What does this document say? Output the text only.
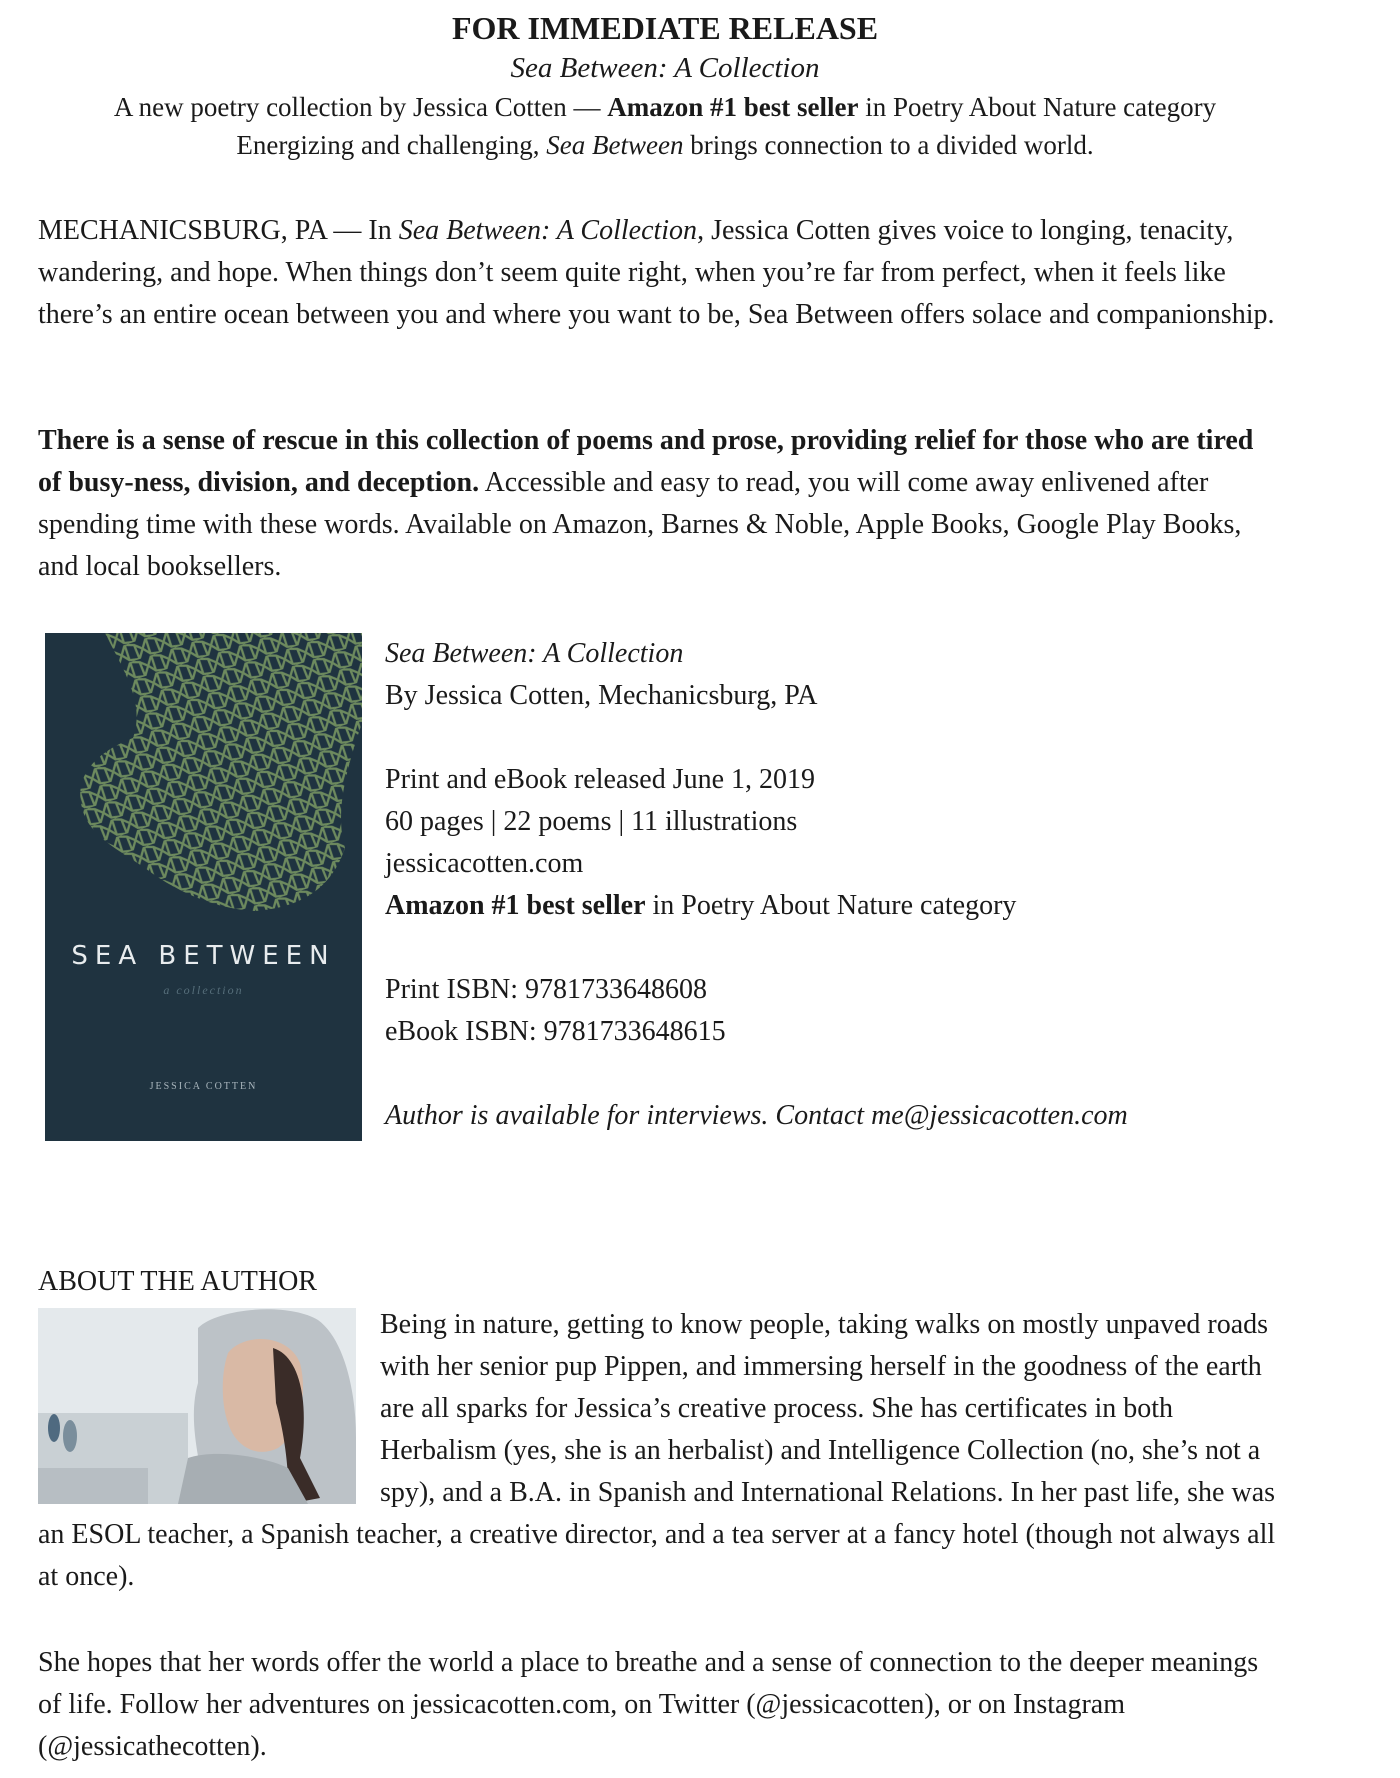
FOR IMMEDIATE RELEASE
Sea Between: A Collection
A new poetry collection by Jessica Cotten — Amazon #1 best seller in Poetry About Nature category
Energizing and challenging, Sea Between brings connection to a divided world.

MECHANICSBURG, PA — In Sea Between: A Collection, Jessica Cotten gives voice to longing, tenacity, wandering, and hope. When things don’t seem quite right, when you’re far from perfect, when it feels like there’s an entire ocean between you and where you want to be, Sea Between offers solace and companionship.

There is a sense of rescue in this collection of poems and prose, providing relief for those who are tired of busy-ness, division, and deception. Accessible and easy to read, you will come away enlivened after spending time with these words. Available on Amazon, Barnes & Noble, Apple Books, Google Play Books, and local booksellers.

SEA BETWEEN
a collection
JESSICA COTTEN
Sea Between: A Collection
By Jessica Cotten, Mechanicsburg, PA
Print and eBook released June 1, 2019
60 pages | 22 poems | 11 illustrations
jessicacotten.com
Amazon #1 best seller in Poetry About Nature category
Print ISBN: 9781733648608
eBook ISBN: 9781733648615
Author is available for interviews. Contact me@jessicacotten.com
ABOUT THE AUTHOR

Being in nature, getting to know people, taking walks on mostly unpaved roads with her senior pup Pippen, and immersing herself in the goodness of the earth are all sparks for Jessica’s creative process. She has certificates in both Herbalism (yes, she is an herbalist) and Intelligence Collection (no, she’s not a spy), and a B.A. in Spanish and International Relations. In her past life, she was an ESOL teacher, a Spanish teacher, a creative director, and a tea server at a fancy hotel (though not always all at once).

She hopes that her words offer the world a place to breathe and a sense of connection to the deeper meanings of life. Follow her adventures on jessicacotten.com, on Twitter (@jessicacotten), or on Instagram (@jessicathecotten).
